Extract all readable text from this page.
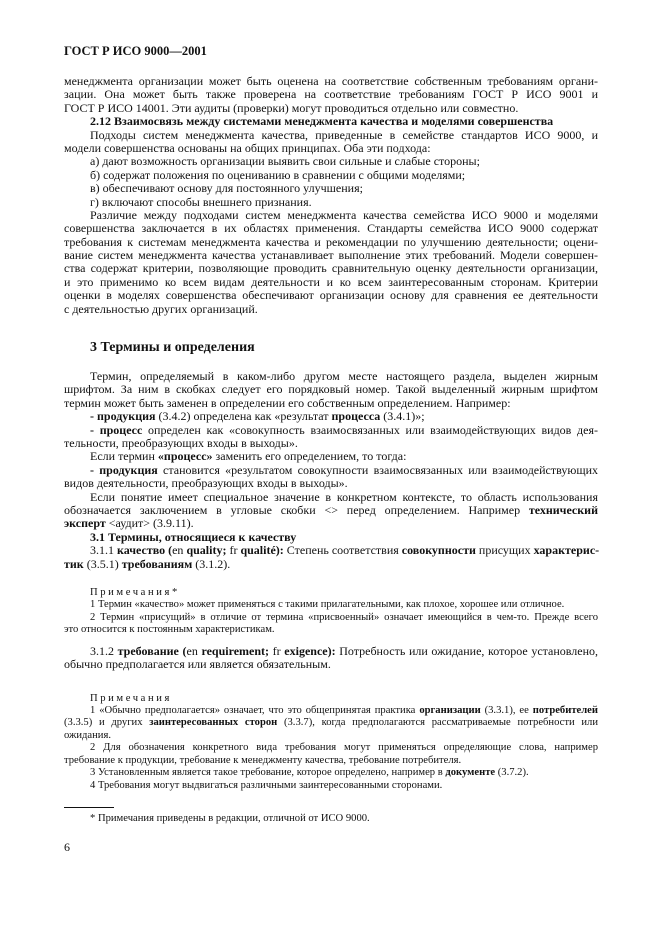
ГОСТ Р ИСО 9000—2001
менеджмента организации может быть оценена на соответствие собственным требованиям органи-
зации. Она может быть также проверена на соответствие требованиям ГОСТ Р ИСО 9001 и
ГОСТ Р ИСО 14001. Эти аудиты (проверки) могут проводиться отдельно или совместно.
2.12 Взаимосвязь между системами менеджмента качества и моделями совершенства
Подходы систем менеджмента качества, приведенные в семействе стандартов ИСО 9000, и
модели совершенства основаны на общих принципах. Оба эти подхода:
а) дают возможность организации выявить свои сильные и слабые стороны;
б) содержат положения по оцениванию в сравнении с общими моделями;
в) обеспечивают основу для постоянного улучшения;
г) включают способы внешнего признания.
Различие между подходами систем менеджмента качества семейства ИСО 9000 и моделями
совершенства заключается в их областях применения. Стандарты семейства ИСО 9000 содержат
требования к системам менеджмента качества и рекомендации по улучшению деятельности; оцени-
вание систем менеджмента качества устанавливает выполнение этих требований. Модели совершен-
ства содержат критерии, позволяющие проводить сравнительную оценку деятельности организации,
и это применимо ко всем видам деятельности и ко всем заинтересованным сторонам. Критерии
оценки в моделях совершенства обеспечивают организации основу для сравнения ее деятельности
с деятельностью других организаций.
3 Термины и определения
Термин, определяемый в каком-либо другом месте настоящего раздела, выделен жирным
шрифтом. За ним в скобках следует его порядковый номер. Такой выделенный жирным шрифтом
термин может быть заменен в определении его собственным определением. Например:
- продукция (3.4.2) определена как «результат процесса (3.4.1)»;
- процесс определен как «совокупность взаимосвязанных или взаимодействующих видов дея-
тельности, преобразующих входы в выходы».
Если термин «процесс» заменить его определением, то тогда:
- продукция становится «результатом совокупности взаимосвязанных или взаимодействующих
видов деятельности, преобразующих входы в выходы».
Если понятие имеет специальное значение в конкретном контексте, то область использования
обозначается заключением в угловые скобки <> перед определением. Например технический
эксперт <аудит> (3.9.11).
3.1 Термины, относящиеся к качеству
3.1.1 качество (en quality; fr qualité): Степень соответствия совокупности присущих характерис-
тик (3.5.1) требованиям (3.1.2).
Примечания*
1 Термин «качество» может применяться с такими прилагательными, как плохое, хорошее или отличное.
2 Термин «присущий» в отличие от термина «присвоенный» означает имеющийся в чем-то. Прежде всего
это относится к постоянным характеристикам.
3.1.2 требование (en requirement; fr exigence): Потребность или ожидание, которое установлено,
обычно предполагается или является обязательным.
Примечания
1 «Обычно предполагается» означает, что это общепринятая практика организации (3.3.1), ее потребителей
(3.3.5) и других заинтересованных сторон (3.3.7), когда предполагаются рассматриваемые потребности или
ожидания.
2 Для обозначения конкретного вида требования могут применяться определяющие слова, например
требование к продукции, требование к менеджменту качества, требование потребителя.
3 Установленным является такое требование, которое определено, например в документе (3.7.2).
4 Требования могут выдвигаться различными заинтересованными сторонами.
* Примечания приведены в редакции, отличной от ИСО 9000.
6
